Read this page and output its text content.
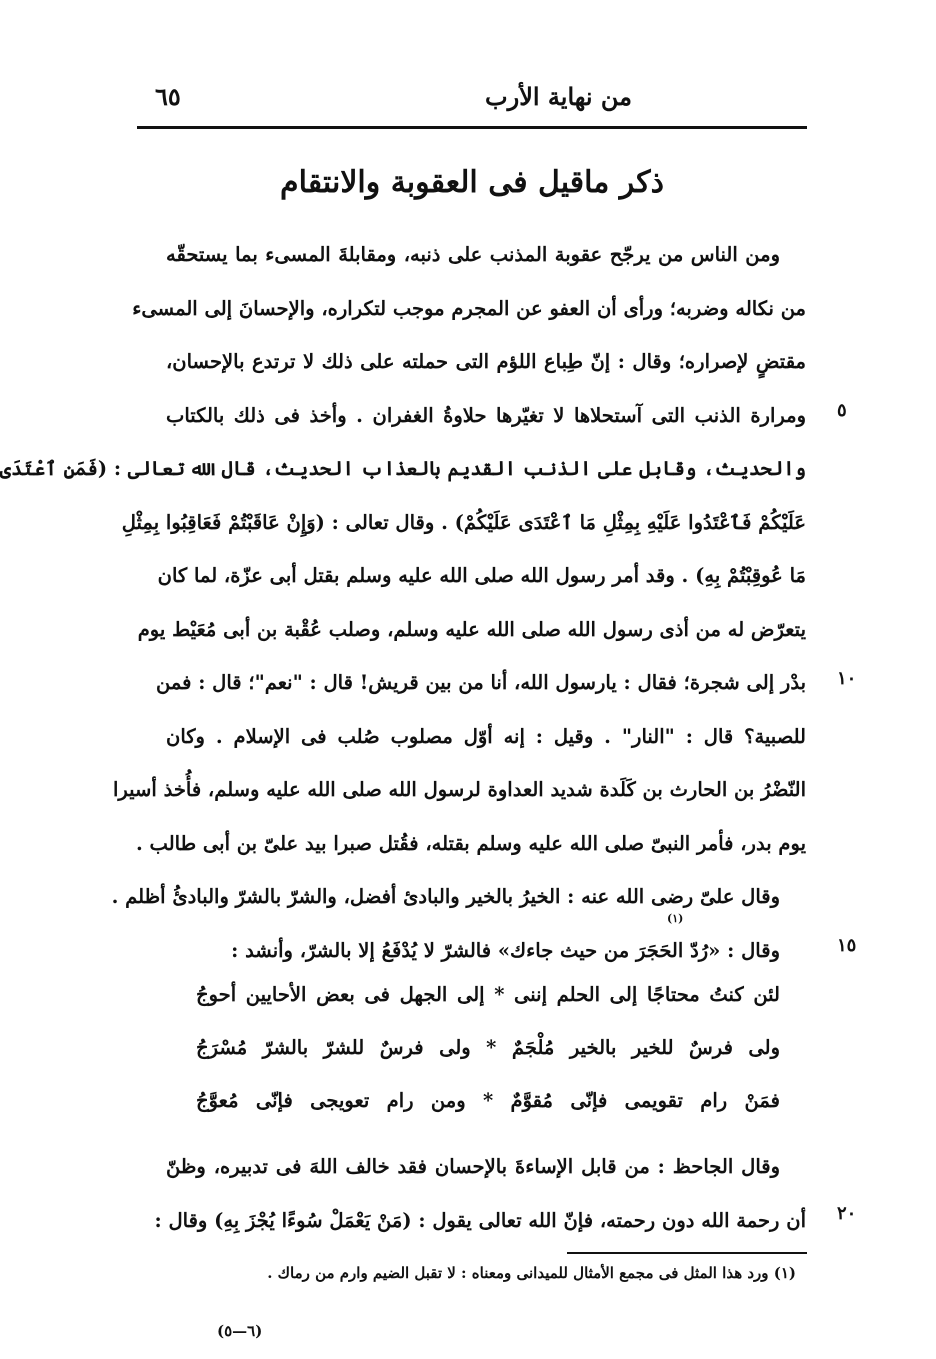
من نهاية الأرب
٦٥
ذكر ماقيل فى العقوبة والانتقام
ومن الناس من يرجّح عقوبة المذنب على ذنبه، ومقابلةَ المسىء بما يستحقّه
من نكاله وضربه؛ ورأى أن العفو عن المجرم موجب لتكراره، والإحسانَ إلى المسىء
مقتضٍ لإصراره؛ وقال : إنّ طِباع اللؤم التى حملته على ذلك لا ترتدع بالإحسان،
ومرارة الذنب التى آستحلاها لا تغيّرها حلاوةُ الغفران . وأخذ فى ذلك بالكتاب
والحديث، وقابل على الذنب القديم بالعذاب الحديث، قال الله تعالى : (فَمَنِ ٱعْتَدَى
عَلَيْكُمْ فَٱعْتَدُوا عَلَيْهِ بِمِثْلِ مَا ٱعْتَدَى عَلَيْكُمْ) . وقال تعالى : (وَإِنْ عَاقَبْتُمْ فَعَاقِبُوا بِمِثْلِ
مَا عُوقِبْتُمْ بِهِ) . وقد أمر رسول الله صلى الله عليه وسلم بقتل أبى عزّة، لما كان
يتعرّض له من أذى رسول الله صلى الله عليه وسلم، وصلب عُقْبة بن أبى مُعَيْط يوم
بدْر إلى شجرة؛ فقال : يارسول الله، أنا من بين قريش! قال : "نعم"؛ قال : فمن
للصبية؟ قال : "النار" . وقيل : إنه أوّل مصلوب صُلب فى الإسلام . وكان
النّضْرُ بن الحارث بن كَلَدة شديد العداوة لرسول الله صلى الله عليه وسلم، فأُخذ أسيرا
يوم بدر، فأمر النبىّ صلى الله عليه وسلم بقتله، فقُتل صبرا بيد علىّ بن أبى طالب .
وقال علىّ رضى الله عنه : الخيرُ بالخير والبادئ أفضل، والشرّ بالشرّ والبادئُ أظلم .
وقال : «رُدّ الحَجَرَ من حيث جاءك» فالشرّ لا يُدْفَعُ إلا بالشرّ، وأنشد :
(١)
لئن كنتُ محتاجًا إلى الحلم إننى * إلى الجهل فى بعض الأحايين أحوجُ
ولى فرسٌ للخير بالخير مُلْجَمٌ * ولى فرسٌ للشرّ بالشرّ مُسْرَجُ
فمَنْ رام تقويمى فإنّى مُقوَّمٌ * ومن رام تعويجى فإنّى مُعوَّجُ
وقال الجاحظ : من قابل الإساءةَ بالإحسان فقد خالف اللهَ فى تدبيره، وظنّ
أن رحمة الله دون رحمته، فإنّ الله تعالى يقول : (مَنْ يَعْمَلْ سُوءًا يُجْزَ بِهِ) وقال :
٥
١٠
١٥
٢٠
(١) ورد هذا المثل فى مجمع الأمثال للميدانى ومعناه : لا تقبل الضيم وارم من رماك .
(٦—٥)
